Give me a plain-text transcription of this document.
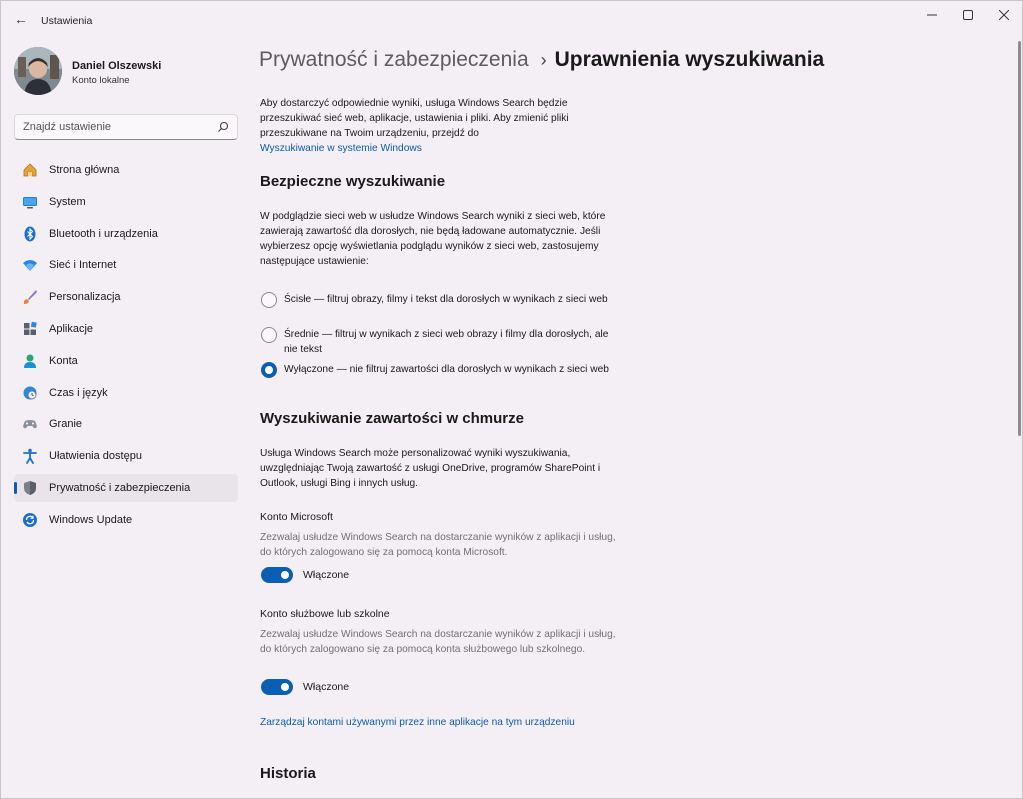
← Ustawienia
Daniel Olszewski
Konto lokalne
Znajdź ustawienie
Strona główna
System
Bluetooth i urządzenia
Sieć i Internet
Personalizacja
Aplikacje
Konta
Czas i język
Granie
Ułatwienia dostępu
Prywatność i zabezpieczenia
Windows Update
Prywatność i zabezpieczenia › Uprawnienia wyszukiwania
Aby dostarczyć odpowiednie wyniki, usługa Windows Search będzie przeszukiwać sieć web, aplikacje, ustawienia i pliki. Aby zmienić pliki przeszukiwane na Twoim urządzeniu, przejdź do
Wyszukiwanie w systemie Windows
Bezpieczne wyszukiwanie
W podglądzie sieci web w usłudze Windows Search wyniki z sieci web, które zawierają zawartość dla dorosłych, nie będą ładowane automatycznie. Jeśli wybierzesz opcję wyświetlania podglądu wyników z sieci web, zastosujemy następujące ustawienie:
Ścisłe — filtruj obrazy, filmy i tekst dla dorosłych w wynikach z sieci web
Średnie — filtruj w wynikach z sieci web obrazy i filmy dla dorosłych, ale nie tekst
Wyłączone — nie filtruj zawartości dla dorosłych w wynikach z sieci web
Wyszukiwanie zawartości w chmurze
Usługa Windows Search może personalizować wyniki wyszukiwania, uwzględniając Twoją zawartość z usługi OneDrive, programów SharePoint i Outlook, usługi Bing i innych usług.
Konto Microsoft
Zezwalaj usłudze Windows Search na dostarczanie wyników z aplikacji i usług, do których zalogowano się za pomocą konta Microsoft.
Włączone
Konto służbowe lub szkolne
Zezwalaj usłudze Windows Search na dostarczanie wyników z aplikacji i usług, do których zalogowano się za pomocą konta służbowego lub szkolnego.
Włączone
Zarządzaj kontami używanymi przez inne aplikacje na tym urządzeniu
Historia
